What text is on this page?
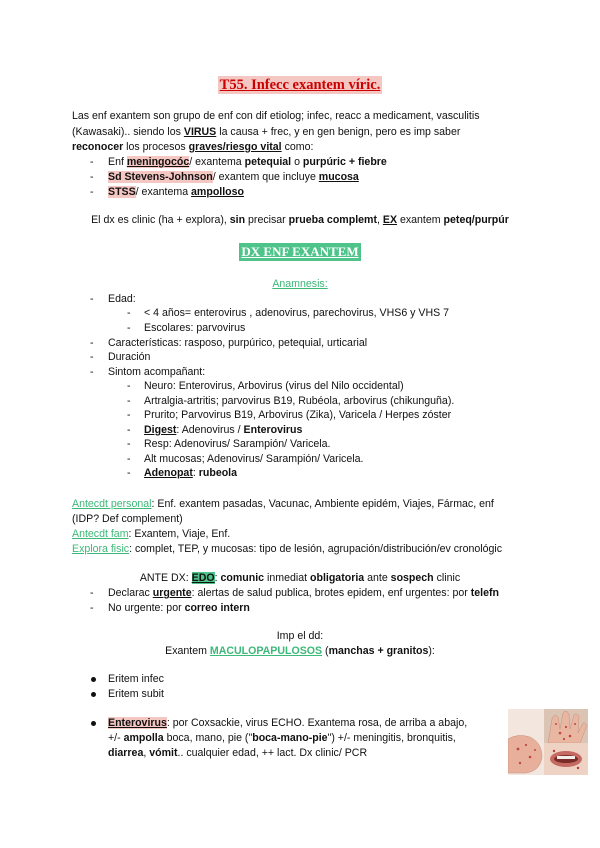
T55. Infecc exantem víric.
Las enf exantem son grupo de enf con dif etiolog; infec, reacc a medicament, vasculitis
(Kawasaki).. siendo los VIRUS la causa + frec, y en gen benign, pero es imp saber
reconocer los procesos graves/riesgo vital como:
- Enf meningocóc/ exantema petequial o purpúric + fiebre
- Sd Stevens-Johnson/ exantem que incluye mucosa
- STSS/ exantema ampolloso
El dx es clinic (ha + explora), sin precisar prueba complemt, EX exantem peteq/purpúr
DX ENF EXANTEM
Anamnesis:
- Edad:
- < 4 años= enterovirus , adenovirus, parechovirus, VHS6 y VHS 7
- Escolares: parvovirus
- Características: rasposo, purpúrico, petequial, urticarial
- Duración
- Sintom acompañant:
- Neuro: Enterovirus, Arbovirus (virus del Nilo occidental)
- Artralgia-artritis; parvovirus B19, Rubéola, arbovirus (chikunguña).
- Prurito; Parvovirus B19, Arbovirus (Zika), Varicela / Herpes zóster
- Digest: Adenovirus / Enterovirus
- Resp: Adenovirus/ Sarampión/ Varicela.
- Alt mucosas; Adenovirus/ Sarampión/ Varicela.
- Adenopat: rubeola
Antecdt personal: Enf. exantem pasadas, Vacunac, Ambiente epidém, Viajes, Fármac, enf
(IDP? Def complement)
Antecdt fam: Exantem, Viaje, Enf.
Explora fisic: complet, TEP, y mucosas: tipo de lesión, agrupación/distribución/ev cronológic
ANTE DX: EDO: comunic inmediat obligatoria ante sospech clinic
- Declarac urgente: alertas de salud publica, brotes epidem, enf urgentes: por telefn
- No urgente: por correo intern
Imp el dd:
Exantem MACULOPAPULOSOS (manchas + granitos):
Eritem infec
Eritem subit
Enterovirus: por Coxsackie, virus ECHO. Exantema rosa, de arriba a abajo,
+/- ampolla boca, mano, pie ("boca-mano-pie") +/- meningitis, bronquitis,
diarrea, vómit.. cualquier edad, ++ lact. Dx clinic/ PCR
